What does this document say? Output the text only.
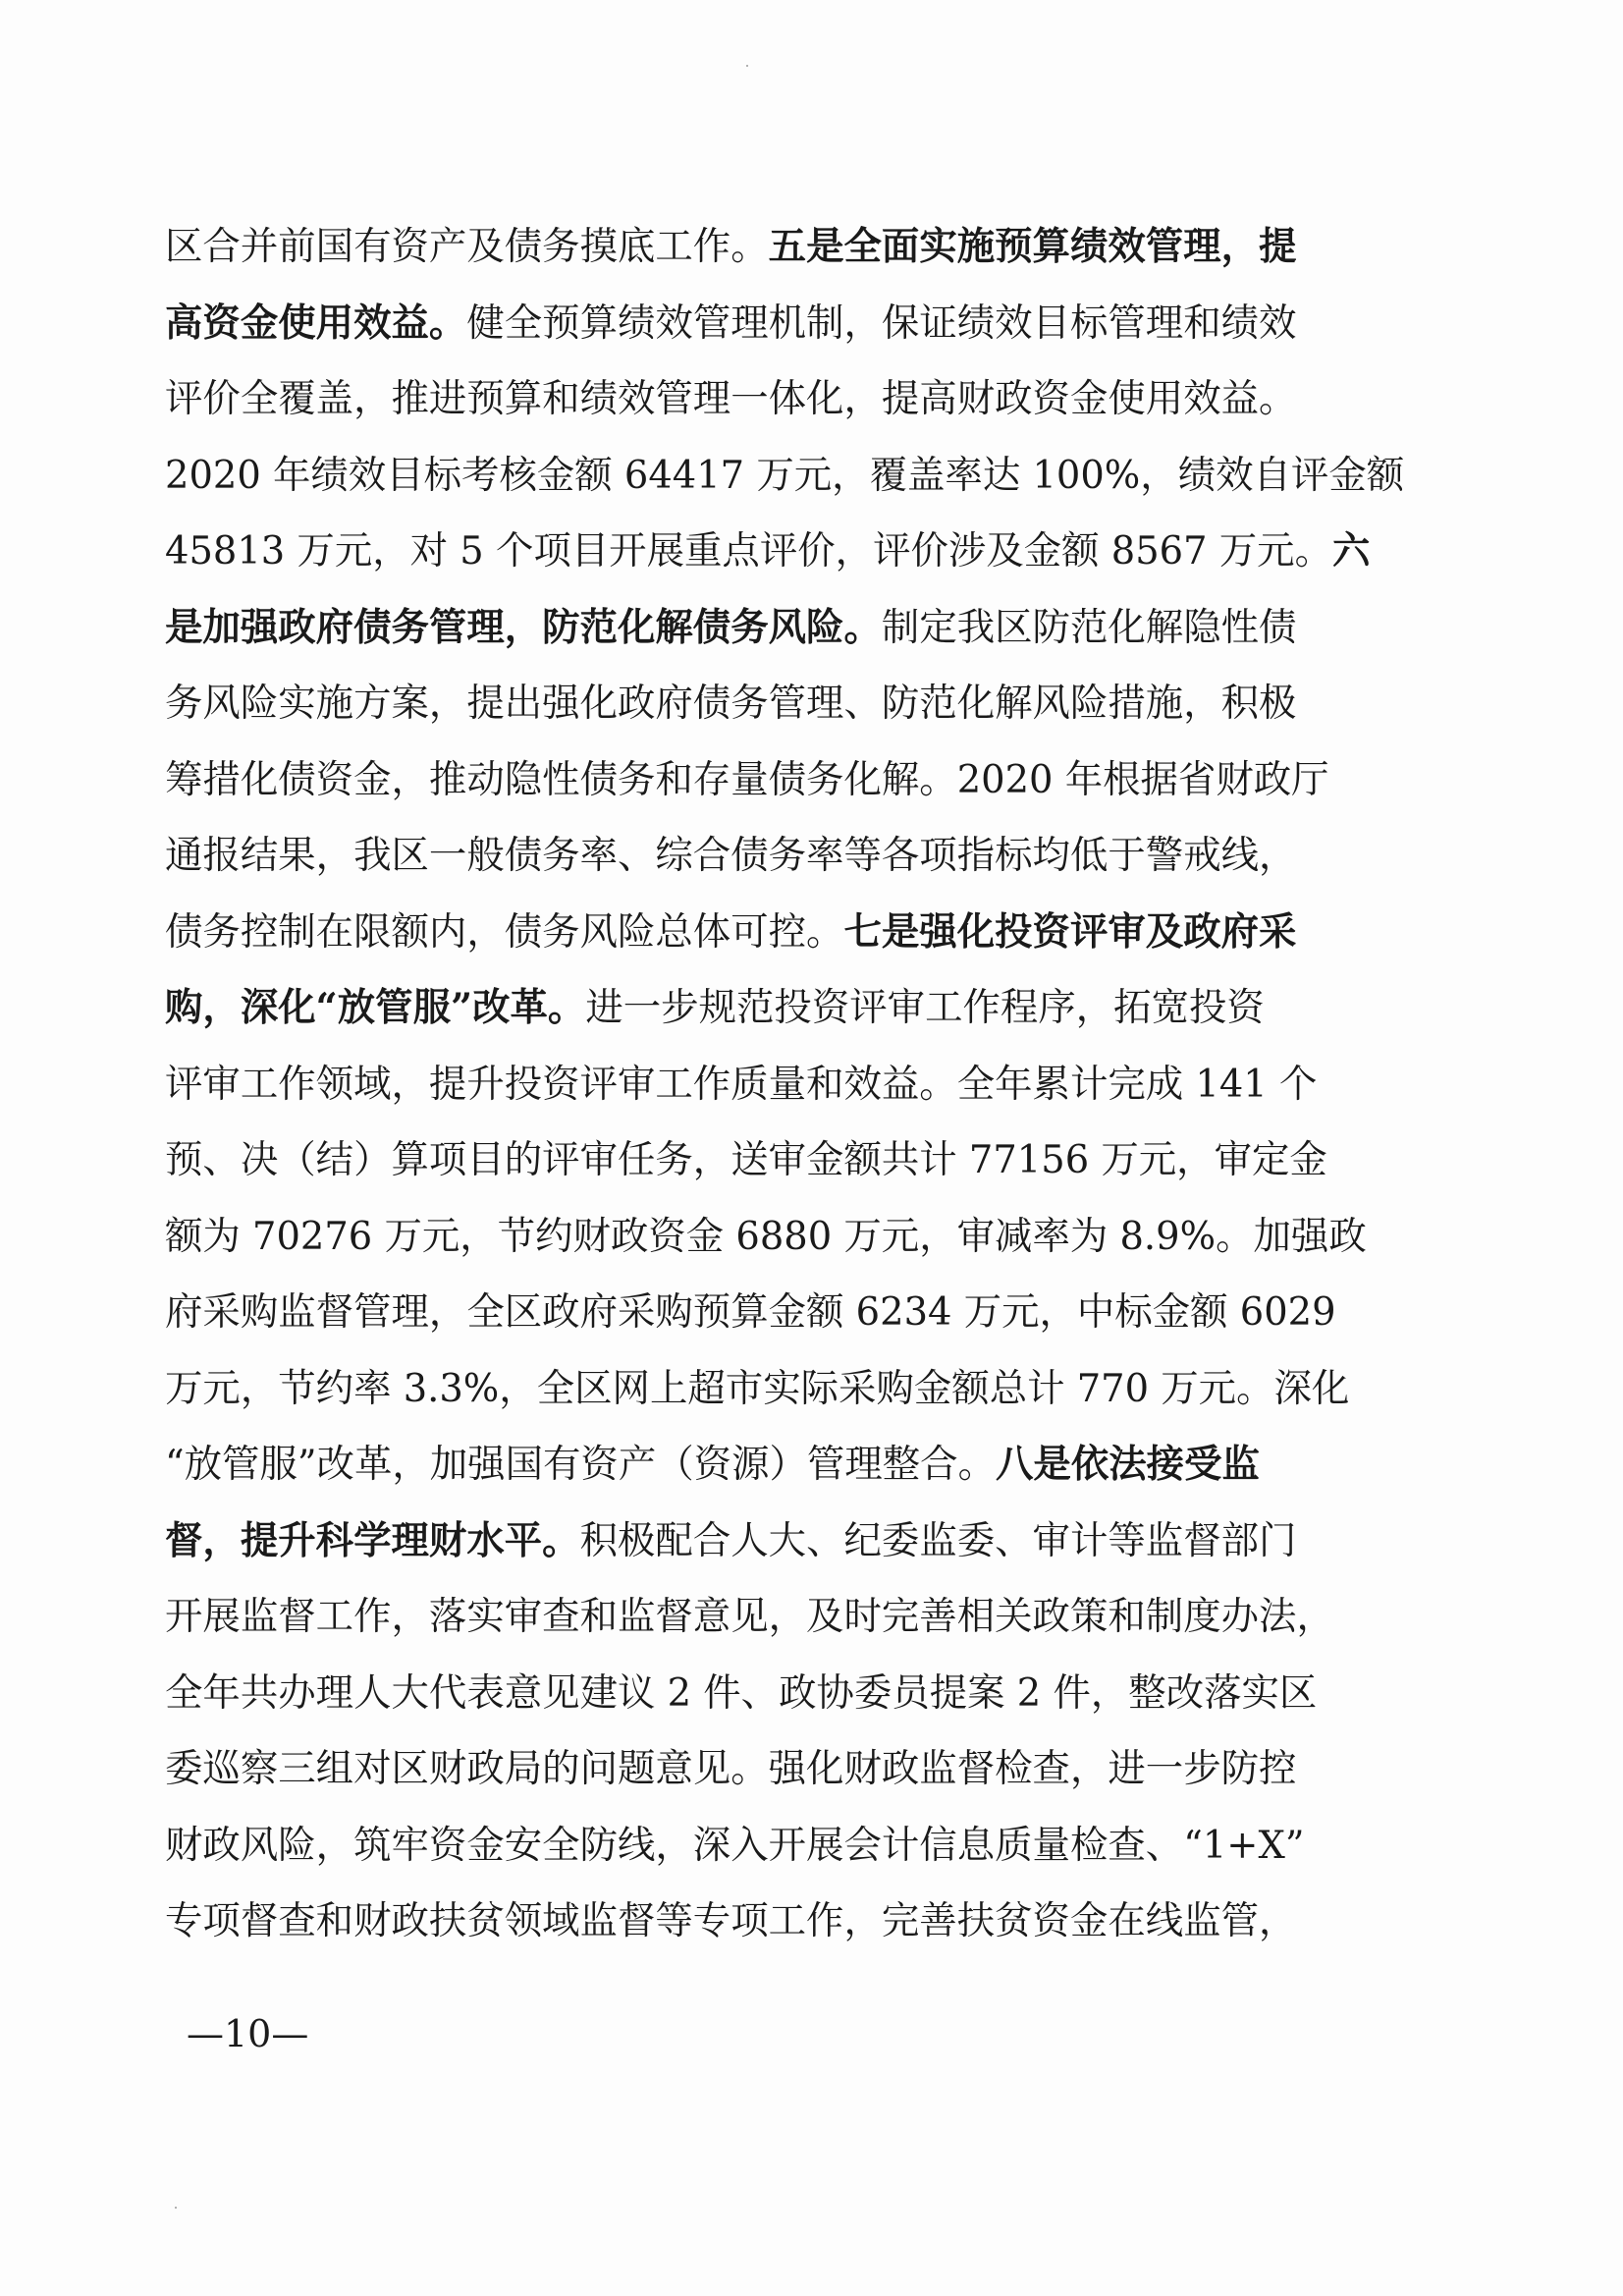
区合并前国有资产及债务摸底工作。五是全面实施预算绩效管理，提
高资金使用效益。健全预算绩效管理机制，保证绩效目标管理和绩效
评价全覆盖，推进预算和绩效管理一体化，提高财政资金使用效益。
2020 年绩效目标考核金额 64417 万元，覆盖率达 100%，绩效自评金额
45813 万元，对 5 个项目开展重点评价，评价涉及金额 8567 万元。六
是加强政府债务管理，防范化解债务风险。制定我区防范化解隐性债
务风险实施方案，提出强化政府债务管理、防范化解风险措施，积极
筹措化债资金，推动隐性债务和存量债务化解。2020 年根据省财政厅
通报结果，我区一般债务率、综合债务率等各项指标均低于警戒线，
债务控制在限额内，债务风险总体可控。七是强化投资评审及政府采
购，深化“放管服”改革。进一步规范投资评审工作程序，拓宽投资
评审工作领域，提升投资评审工作质量和效益。全年累计完成 141 个
预、决（结）算项目的评审任务，送审金额共计 77156 万元，审定金
额为 70276 万元，节约财政资金 6880 万元，审减率为 8.9%。加强政
府采购监督管理，全区政府采购预算金额 6234 万元，中标金额 6029
万元，节约率 3.3%，全区网上超市实际采购金额总计 770 万元。深化
“放管服”改革，加强国有资产（资源）管理整合。八是依法接受监
督，提升科学理财水平。积极配合人大、纪委监委、审计等监督部门
开展监督工作，落实审查和监督意见，及时完善相关政策和制度办法，
全年共办理人大代表意见建议 2 件、政协委员提案 2 件，整改落实区
委巡察三组对区财政局的问题意见。强化财政监督检查，进一步防控
财政风险，筑牢资金安全防线，深入开展会计信息质量检查、“1+X”
专项督查和财政扶贫领域监督等专项工作，完善扶贫资金在线监管，
—10—
